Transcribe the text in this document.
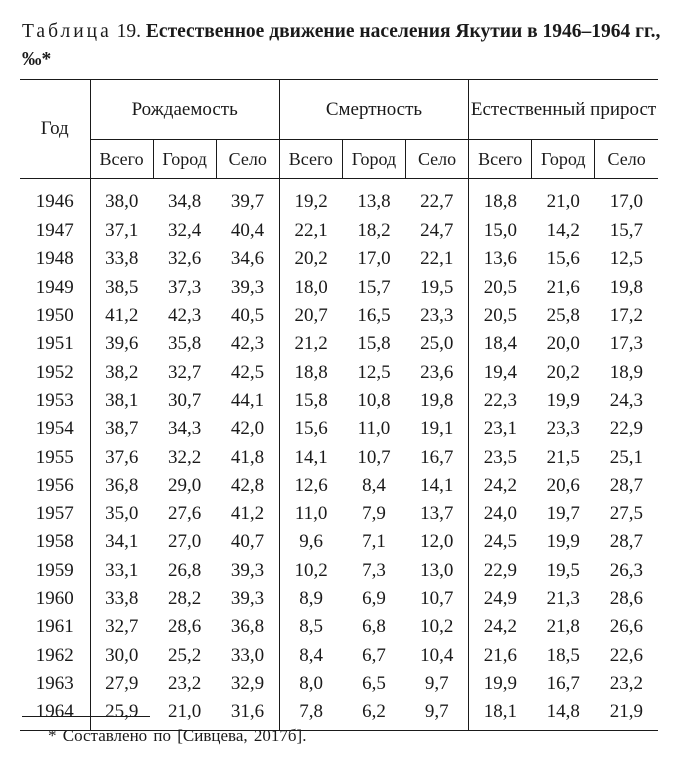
Таблица 19. Естественное движение населения Якутии в 1946–1964 гг., ‰*
Год	Рождаемость			Смертность			Естественный прирост		
	Всего	Город	Село	Всего	Город	Село	Всего	Город	Село
1946	38,0	34,8	39,7	19,2	13,8	22,7	18,8	21,0	17,0
1947	37,1	32,4	40,4	22,1	18,2	24,7	15,0	14,2	15,7
1948	33,8	32,6	34,6	20,2	17,0	22,1	13,6	15,6	12,5
1949	38,5	37,3	39,3	18,0	15,7	19,5	20,5	21,6	19,8
1950	41,2	42,3	40,5	20,7	16,5	23,3	20,5	25,8	17,2
1951	39,6	35,8	42,3	21,2	15,8	25,0	18,4	20,0	17,3
1952	38,2	32,7	42,5	18,8	12,5	23,6	19,4	20,2	18,9
1953	38,1	30,7	44,1	15,8	10,8	19,8	22,3	19,9	24,3
1954	38,7	34,3	42,0	15,6	11,0	19,1	23,1	23,3	22,9
1955	37,6	32,2	41,8	14,1	10,7	16,7	23,5	21,5	25,1
1956	36,8	29,0	42,8	12,6	8,4	14,1	24,2	20,6	28,7
1957	35,0	27,6	41,2	11,0	7,9	13,7	24,0	19,7	27,5
1958	34,1	27,0	40,7	9,6	7,1	12,0	24,5	19,9	28,7
1959	33,1	26,8	39,3	10,2	7,3	13,0	22,9	19,5	26,3
1960	33,8	28,2	39,3	8,9	6,9	10,7	24,9	21,3	28,6
1961	32,7	28,6	36,8	8,5	6,8	10,2	24,2	21,8	26,6
1962	30,0	25,2	33,0	8,4	6,7	10,4	21,6	18,5	22,6
1963	27,9	23,2	32,9	8,0	6,5	9,7	19,9	16,7	23,2
1964	25,9	21,0	31,6	7,8	6,2	9,7	18,1	14,8	21,9
* Составлено по [Сивцева, 2017б].
